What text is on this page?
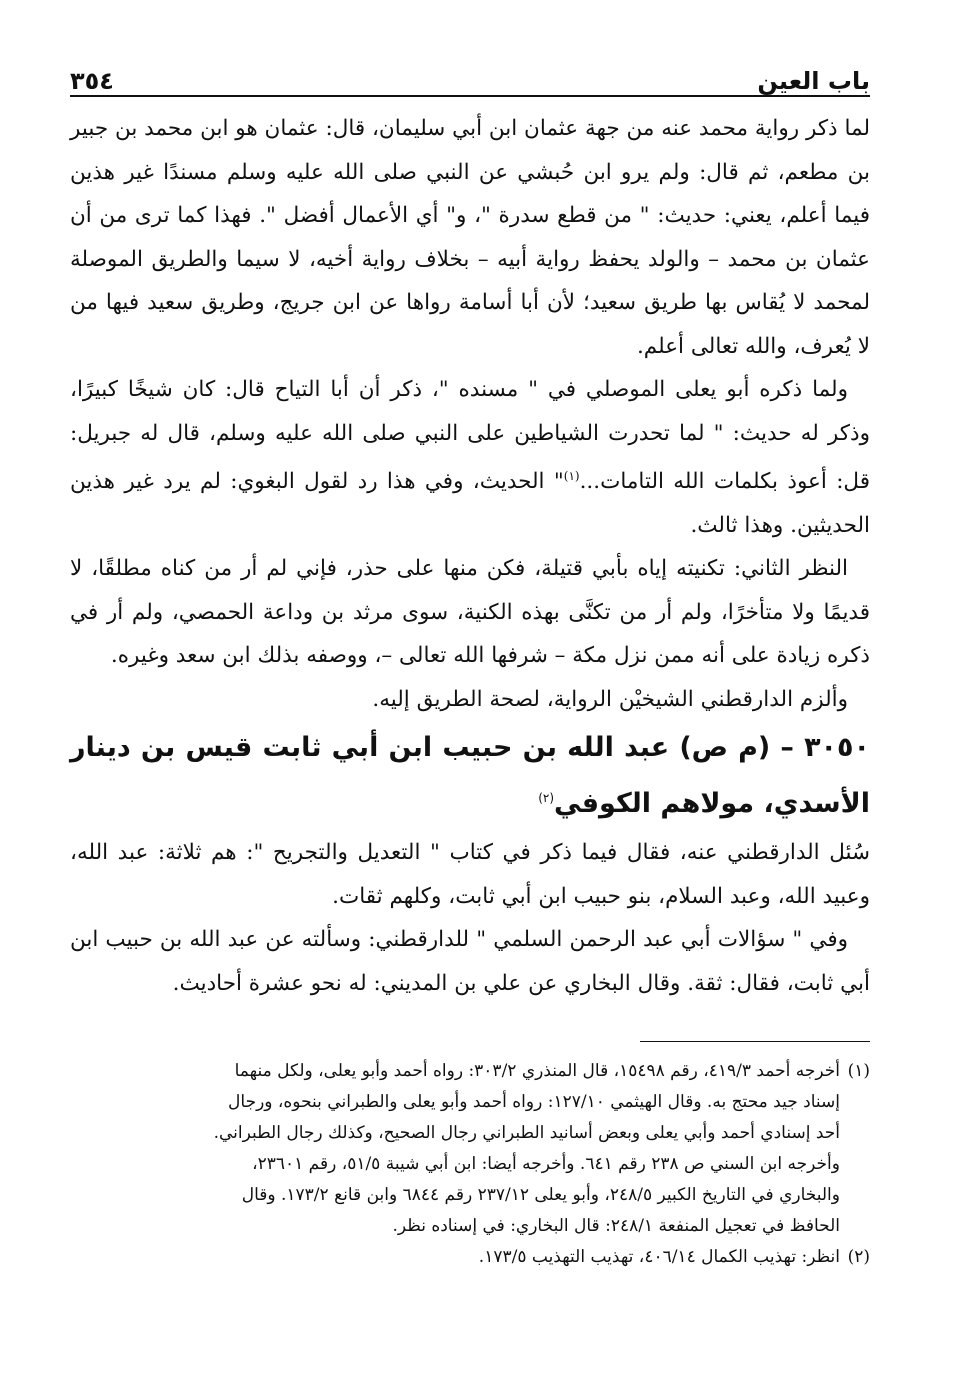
باب العين
٣٥٤

لما ذكر رواية محمد عنه من جهة عثمان ابن أبي سليمان، قال: عثمان هو ابن محمد بن جبير بن مطعم، ثم قال: ولم يرو ابن حُبشي عن النبي صلى الله عليه وسلم مسندًا غير هذين فيما أعلم، يعني: حديث: " من قطع سدرة "، و" أي الأعمال أفضل ". فهذا كما ترى من أن عثمان بن محمد – والولد يحفظ رواية أبيه – بخلاف رواية أخيه، لا سيما والطريق الموصلة لمحمد لا يُقاس بها طريق سعيد؛ لأن أبا أسامة رواها عن ابن جريج، وطريق سعيد فيها من لا يُعرف، والله تعالى أعلم.

ولما ذكره أبو يعلى الموصلي في " مسنده "، ذكر أن أبا التياح قال: كان شيخًا كبيرًا، وذكر له حديث: " لما تحدرت الشياطين على النبي صلى الله عليه وسلم، قال له جبريل: قل: أعوذ بكلمات الله التامات...$^{(١)}$" الحديث، وفي هذا رد لقول البغوي: لم يرد غير هذين الحديثين. وهذا ثالث.

النظر الثاني: تكنيته إياه بأبي قتيلة، فكن منها على حذر، فإني لم أر من كناه مطلقًا، لا قديمًا ولا متأخرًا، ولم أر من تكنَّى بهذه الكنية، سوى مرثد بن وداعة الحمصي، ولم أر في ذكره زيادة على أنه ممن نزل مكة – شرفها الله تعالى –، ووصفه بذلك ابن سعد وغيره.

وألزم الدارقطني الشيخيْن الرواية، لصحة الطريق إليه.

٣٠٥٠ – (م ص) عبد الله بن حبيب ابن أبي ثابت قيس بن دينار الأسدي، مولاهم الكوفي$^{(٢)}$

سُئل الدارقطني عنه، فقال فيما ذكر في كتاب " التعديل والتجريح ": هم ثلاثة: عبد الله، وعبيد الله، وعبد السلام، بنو حبيب ابن أبي ثابت، وكلهم ثقات.

وفي " سؤالات أبي عبد الرحمن السلمي " للدارقطني: وسألته عن عبد الله بن حبيب ابن أبي ثابت، فقال: ثقة. وقال البخاري عن علي بن المديني: له نحو عشرة أحاديث.

(١)أخرجه أحمد ٤١٩/٣، رقم ١٥٤٩٨، قال المنذري ٣٠٣/٢: رواه أحمد وأبو يعلى، ولكل منهما

إسناد جيد محتج به. وقال الهيثمي ١٢٧/١٠: رواه أحمد وأبو يعلى والطبراني بنحوه، ورجال

أحد إسنادي أحمد وأبي يعلى وبعض أسانيد الطبراني رجال الصحيح، وكذلك رجال الطبراني.

وأخرجه ابن السني ص ٢٣٨ رقم ٦٤١. وأخرجه أيضا: ابن أبي شيبة ٥١/٥، رقم ٢٣٦٠١،

والبخاري في التاريخ الكبير ٢٤٨/٥، وأبو يعلى ٢٣٧/١٢ رقم ٦٨٤٤ وابن قانع ١٧٣/٢. وقال

الحافظ في تعجيل المنفعة ٢٤٨/١: قال البخاري: في إسناده نظر.

(٢)انظر: تهذيب الكمال ٤٠٦/١٤، تهذيب التهذيب ١٧٣/٥.
